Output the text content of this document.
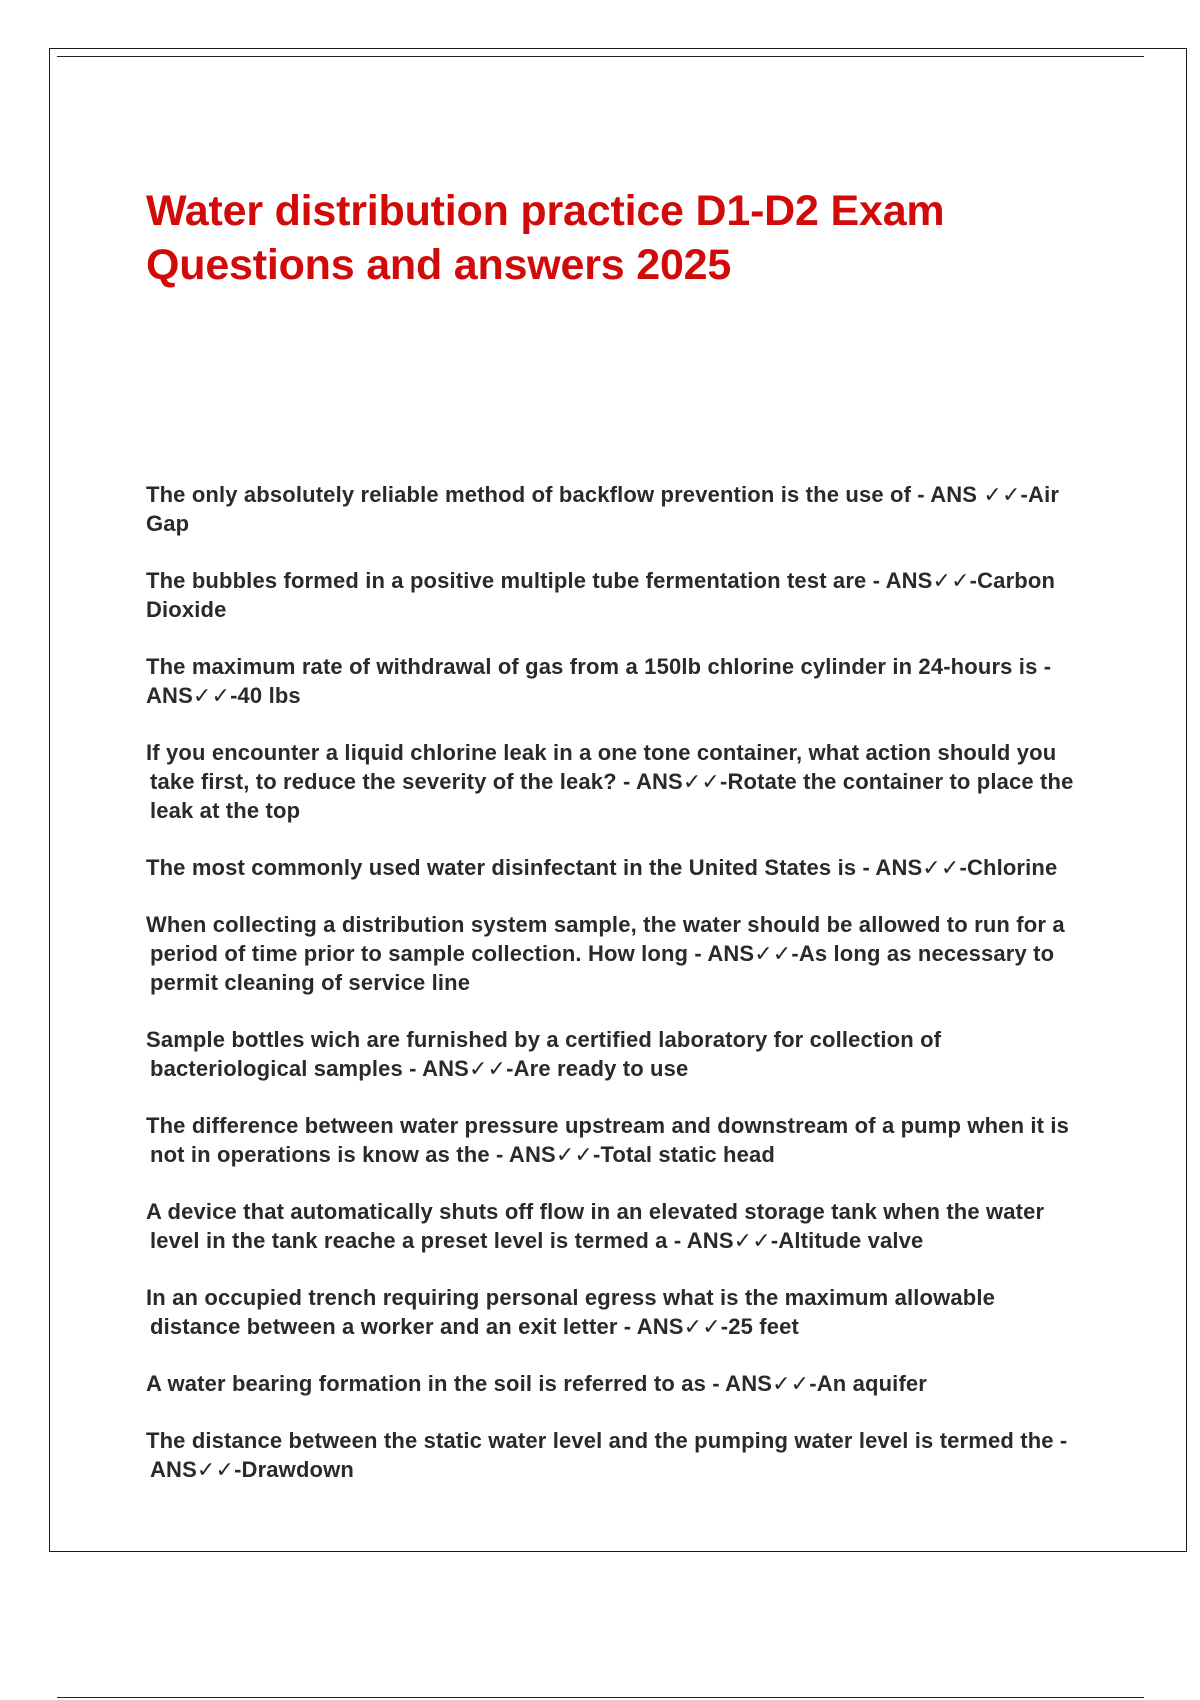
Water distribution practice D1-D2 Exam Questions and answers 2025
The only absolutely reliable method of backflow prevention is the use of - ANS ✓✓-Air Gap
The bubbles formed in a positive multiple tube fermentation test are - ANS✓✓-Carbon Dioxide
The maximum rate of withdrawal of gas from a 150lb chlorine cylinder in 24-hours is - ANS✓✓-40 lbs
If you encounter a liquid chlorine leak in a one tone container, what action should you take first, to reduce the severity of the leak? - ANS✓✓-Rotate the container to place the leak at the top
The most commonly used water disinfectant in the United States is - ANS✓✓-Chlorine
When collecting a distribution system sample, the water should be allowed to run for a period of time prior to sample collection. How long - ANS✓✓-As long as necessary to permit cleaning of service line
Sample bottles wich are furnished by a certified laboratory for collection of bacteriological samples - ANS✓✓-Are ready to use
The difference between water pressure upstream and downstream of a pump when it is not in operations is know as the - ANS✓✓-Total static head
A device that automatically shuts off flow in an elevated storage tank when the water level in the tank reache a preset level is termed a - ANS✓✓-Altitude valve
In an occupied trench requiring personal egress what is the maximum allowable distance between a worker and an exit letter - ANS✓✓-25 feet
A water bearing formation in the soil is referred to as - ANS✓✓-An aquifer
The distance between the static water level and the pumping water level is termed the - ANS✓✓-Drawdown
